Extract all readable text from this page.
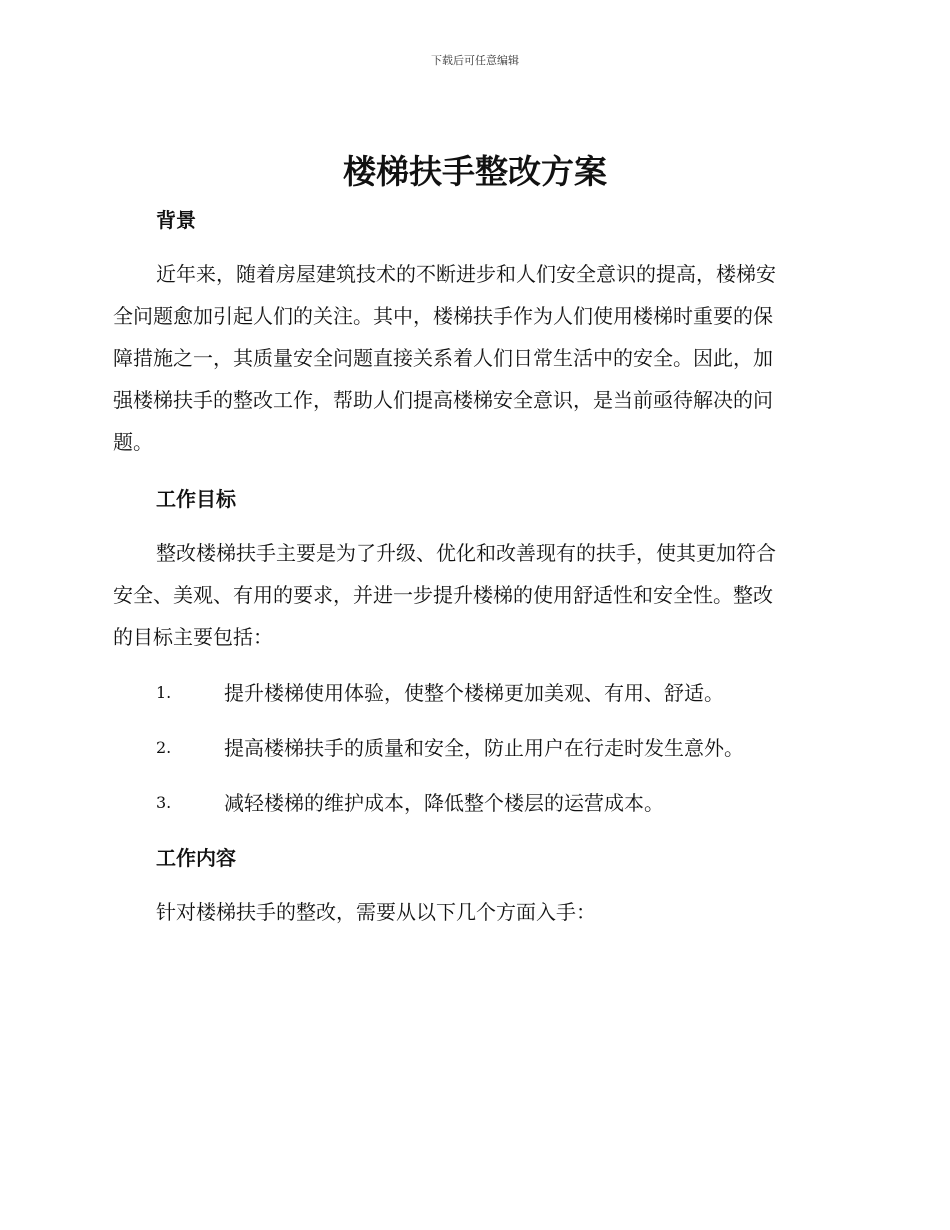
下载后可任意编辑
楼梯扶手整改方案
背景
近年来，随着房屋建筑技术的不断进步和人们安全意识的提高，楼梯安
全问题愈加引起人们的关注。其中，楼梯扶手作为人们使用楼梯时重要的保
障措施之一，其质量安全问题直接关系着人们日常生活中的安全。因此，加
强楼梯扶手的整改工作，帮助人们提高楼梯安全意识，是当前亟待解决的问
题。
工作目标
整改楼梯扶手主要是为了升级、优化和改善现有的扶手，使其更加符合
安全、美观、有用的要求，并进一步提升楼梯的使用舒适性和安全性。整改
的目标主要包括：
1.	提升楼梯使用体验，使整个楼梯更加美观、有用、舒适。
2.	提高楼梯扶手的质量和安全，防止用户在行走时发生意外。
3.	减轻楼梯的维护成本，降低整个楼层的运营成本。
工作内容
针对楼梯扶手的整改，需要从以下几个方面入手：
